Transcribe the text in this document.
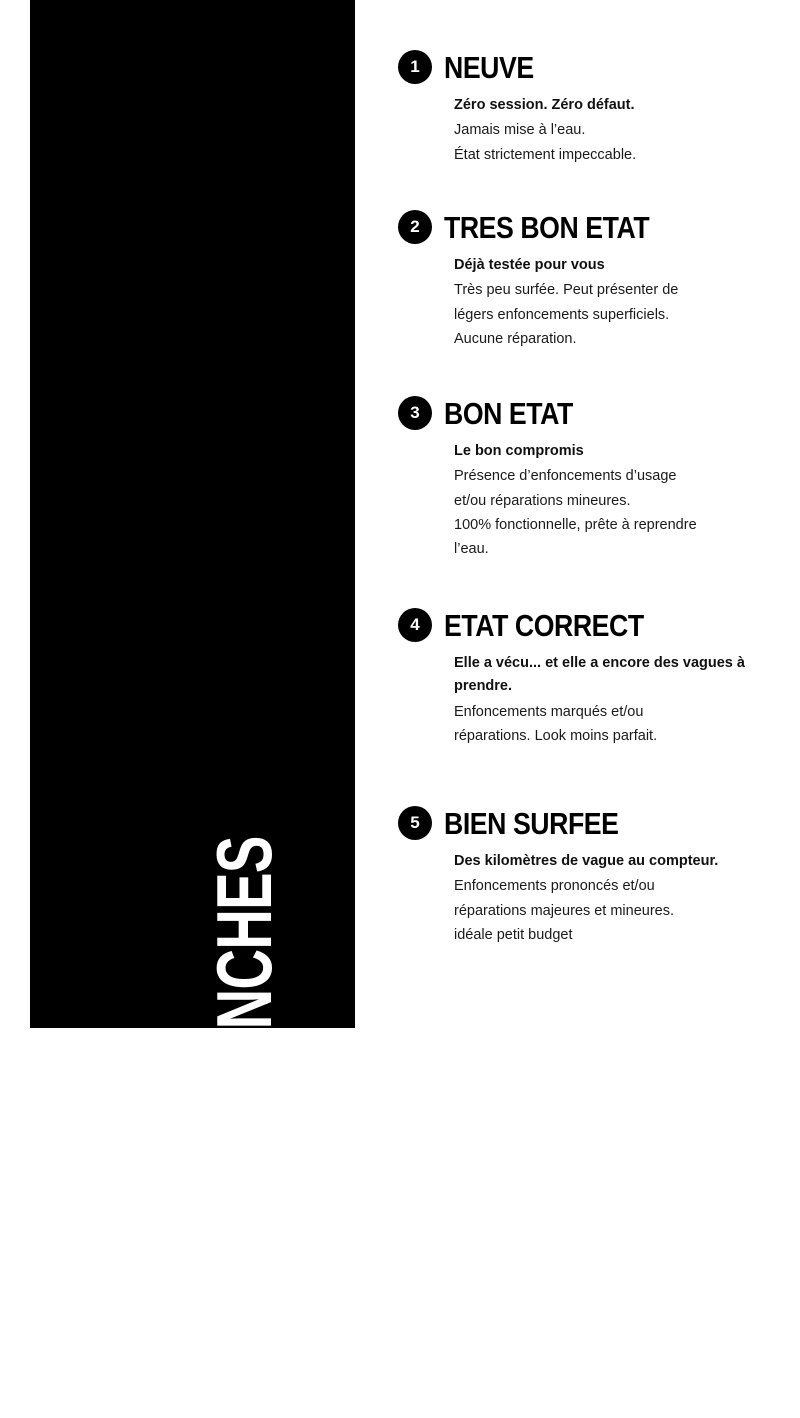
ETAT DES PLANCHES
1 NEUVE

Zéro session. Zéro défaut.

Jamais mise à l’eau.
État strictement impeccable.

2 TRES BON ETAT

Déjà testée pour vous

Très peu surfée. Peut présenter de
légers enfoncements superficiels.
Aucune réparation.

3 BON ETAT

Le bon compromis

Présence d’enfoncements d’usage
et/ou réparations mineures.
100% fonctionnelle, prête à reprendre
l’eau.

4 ETAT CORRECT

Elle a vécu... et elle a encore des vagues à prendre.

Enfoncements marqués et/ou
réparations. Look moins parfait.

5 BIEN SURFEE

Des kilomètres de vague au compteur.

Enfoncements prononcés et/ou
réparations majeures et mineures.
idéale petit budget
